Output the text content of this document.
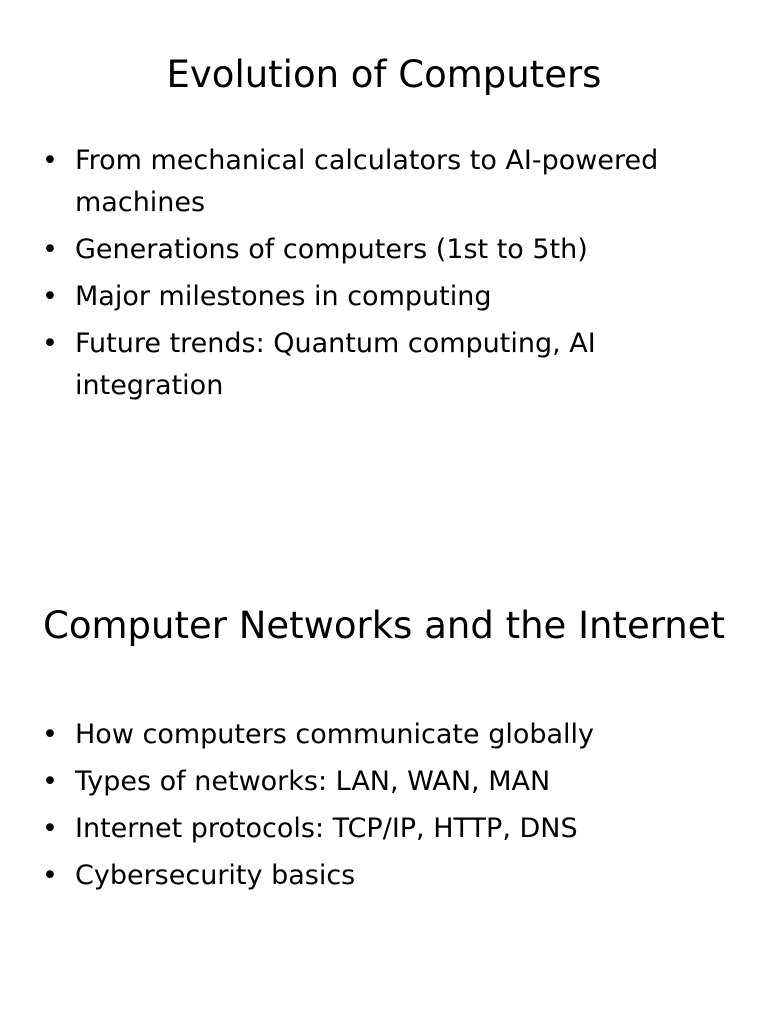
Evolution of Computers
• From mechanical calculators to AI-powered machines
• Generations of computers (1st to 5th)
• Major milestones in computing
• Future trends: Quantum computing, AI integration
Computer Networks and the Internet
• How computers communicate globally
• Types of networks: LAN, WAN, MAN
• Internet protocols: TCP/IP, HTTP, DNS
• Cybersecurity basics
